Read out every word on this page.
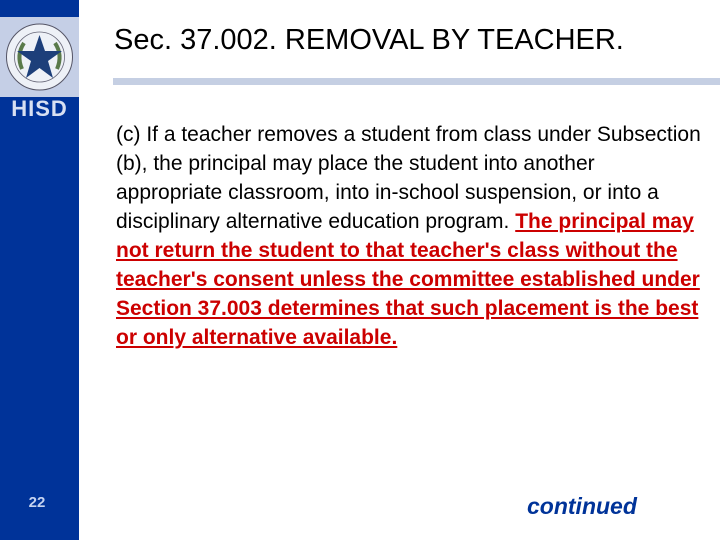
HISD
22
Sec. 37.002. REMOVAL BY TEACHER.
(c) If a teacher removes a student from class under Subsection (b), the principal may place the student into another appropriate classroom, into in-school suspension, or into a disciplinary alternative education program. The principal may not return the student to that teacher's class without the teacher's consent unless the committee established under Section 37.003 determines that such placement is the best or only alternative available.
continued
